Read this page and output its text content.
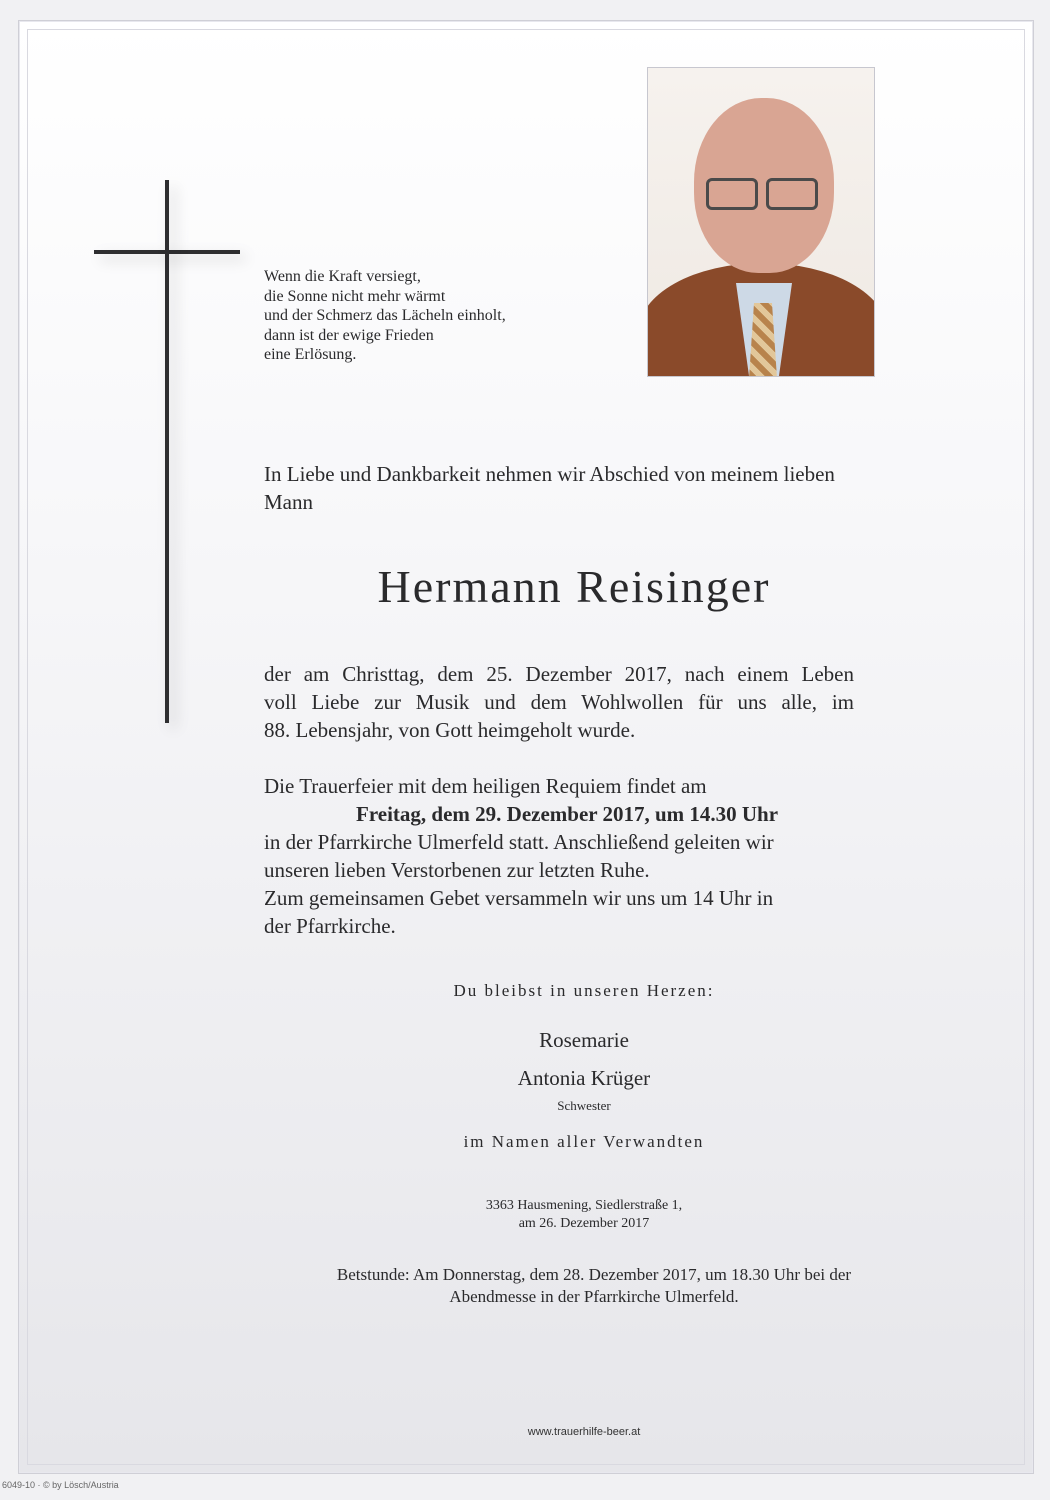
Wenn die Kraft versiegt,
die Sonne nicht mehr wärmt
und der Schmerz das Lächeln einholt,
dann ist der ewige Frieden
eine Erlösung.
In Liebe und Dankbarkeit nehmen wir Abschied von meinem lieben Mann
Hermann Reisinger
der am Christtag, dem 25. Dezember 2017, nach einem Leben
voll Liebe zur Musik und dem Wohlwollen für uns alle, im
88. Lebensjahr, von Gott heimgeholt wurde.
Die Trauerfeier mit dem heiligen Requiem findet am
Freitag, dem 29. Dezember 2017, um 14.30 Uhr
in der Pfarrkirche Ulmerfeld statt. Anschließend geleiten wir
unseren lieben Verstorbenen zur letzten Ruhe.
Zum gemeinsamen Gebet versammeln wir uns um 14 Uhr in
der Pfarrkirche.
Du bleibst in unseren Herzen:
Rosemarie
Antonia Krüger
Schwester
im Namen aller Verwandten
3363 Hausmening, Siedlerstraße 1,
am 26. Dezember 2017
Betstunde: Am Donnerstag, dem 28. Dezember 2017, um 18.30 Uhr bei der
Abendmesse in der Pfarrkirche Ulmerfeld.
www.trauerhilfe-beer.at
6049-10 · © by Lösch/Austria
